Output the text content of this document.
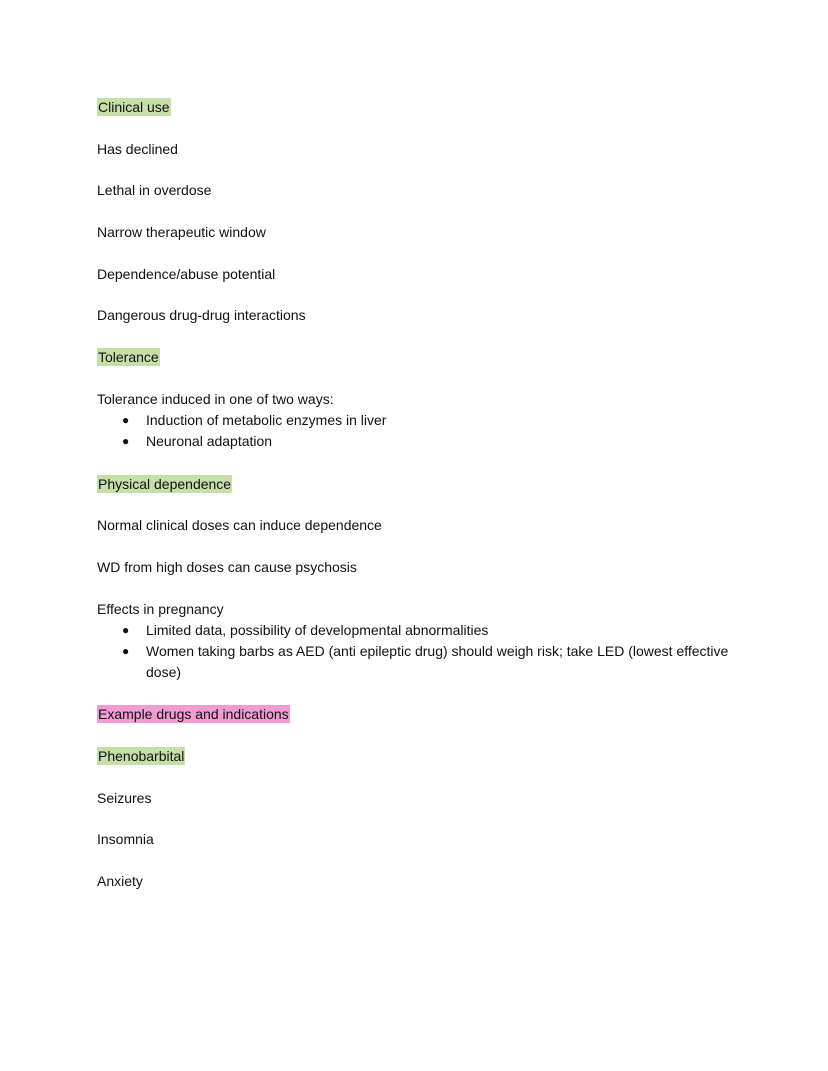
Clinical use
Has declined
Lethal in overdose
Narrow therapeutic window
Dependence/abuse potential
Dangerous drug-drug interactions
Tolerance
Tolerance induced in one of two ways:
● Induction of metabolic enzymes in liver
● Neuronal adaptation
Physical dependence
Normal clinical doses can induce dependence
WD from high doses can cause psychosis
Effects in pregnancy
● Limited data, possibility of developmental abnormalities
● Women taking barbs as AED (anti epileptic drug) should weigh risk; take LED (lowest effective dose)
Example drugs and indications
Phenobarbital
Seizures
Insomnia
Anxiety
